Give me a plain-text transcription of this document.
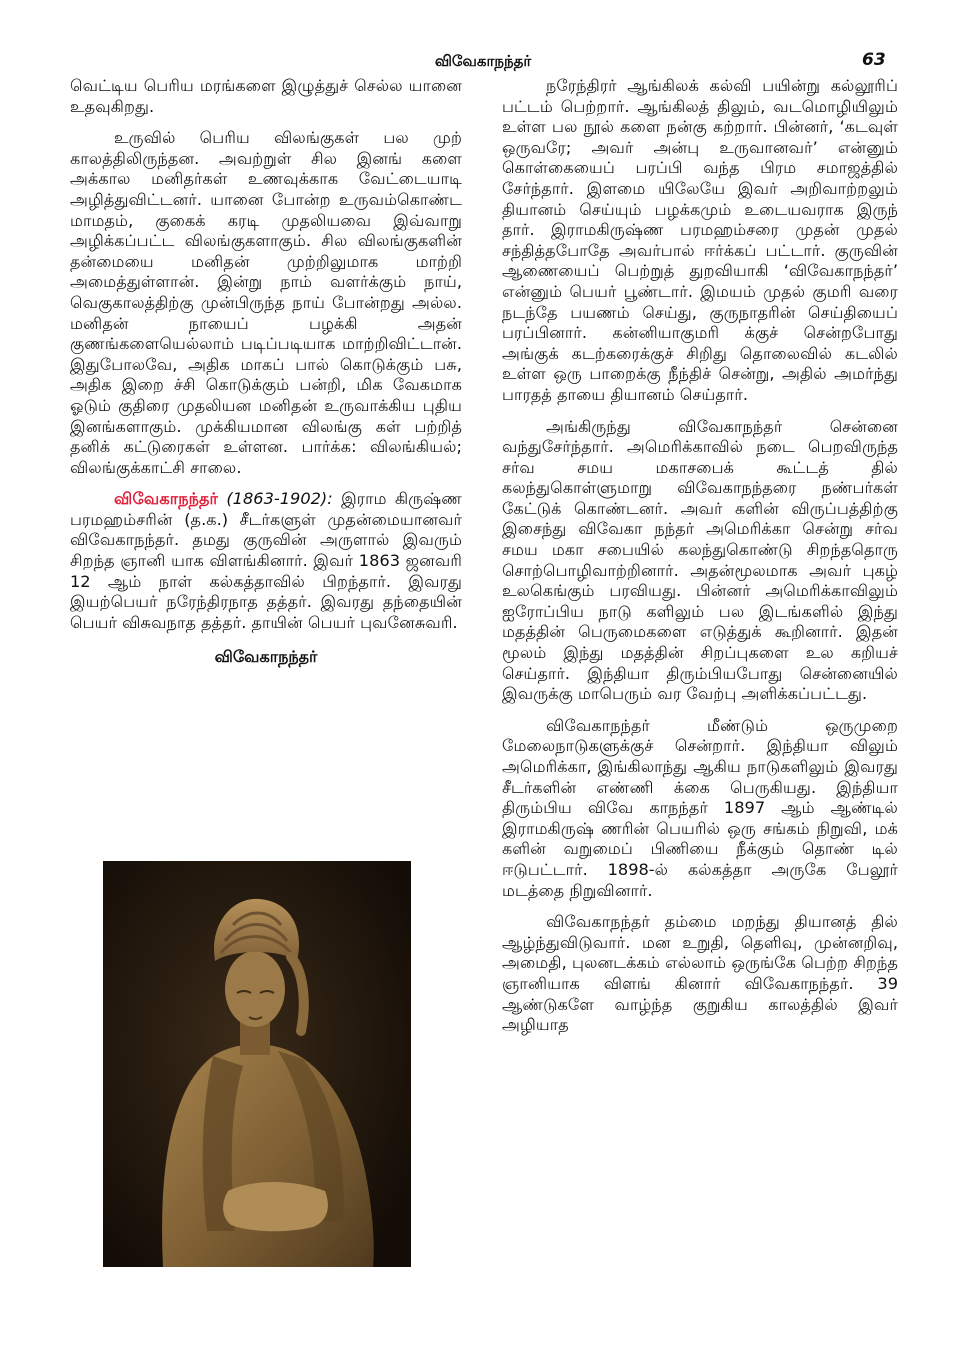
விவேகாநந்தர்	63

வெட்டிய பெரிய மரங்களை இழுத்துச் செல்ல யானை உதவுகிறது.

உருவில் பெரிய விலங்குகள் பல முற் காலத்திலிருந்தன. அவற்றுள் சில இனங் களை அக்கால மனிதர்கள் உணவுக்காக வேட்டையாடி அழித்துவிட்டனர். யானை போன்ற உருவம்கொண்ட மாமதம், குகைக் கரடி முதலியவை இவ்வாறு அழிக்கப்பட்ட விலங்குகளாகும். சில விலங்குகளின் தன்மையை மனிதன் முற்றிலுமாக மாற்றி அமைத்துள்ளான். இன்று நாம் வளர்க்கும் நாய், வெகுகாலத்திற்கு முன்பிருந்த நாய் போன்றது அல்ல. மனிதன் நாயைப் பழக்கி அதன் குணங்களையெல்லாம் படிப்படியாக மாற்றிவிட்டான். இதுபோலவே, அதிக மாகப் பால் கொடுக்கும் பசு, அதிக இறை ச்சி கொடுக்கும் பன்றி, மிக வேகமாக ஓடும் குதிரை முதலியன மனிதன் உருவாக்கிய புதிய இனங்களாகும். முக்கியமான விலங்கு கள் பற்றித் தனிக் கட்டுரைகள் உள்ளன. பார்க்க: விலங்கியல்; விலங்குக்காட்சி சாலை.

விவேகாநந்தர் (1863-1902): இராம கிருஷ்ண பரமஹம்சரின் (த.க.) சீடர்களுள் முதன்மையானவர் விவேகாநந்தர். தமது குருவின் அருளால் இவரும் சிறந்த ஞானி யாக விளங்கினார். இவர் 1863 ஜனவரி 12 ஆம் நாள் கல்கத்தாவில் பிறந்தார். இவரது இயற்பெயர் நரேந்திரநாத தத்தர். இவரது தந்தையின் பெயர் விசுவநாத தத்தர். தாயின் பெயர் புவனேசுவரி.

விவேகாநந்தர்

நரேந்திரர் ஆங்கிலக் கல்வி பயின்று கல்லூரிப் பட்டம் பெற்றார். ஆங்கிலத் திலும், வடமொழியிலும் உள்ள பல நூல் களை நன்கு கற்றார். பின்னர், ‘கடவுள் ஒருவரே; அவர் அன்பு உருவானவர்’ என்னும் கொள்கையைப் பரப்பி வந்த பிரம சமாஜத்தில் சேர்ந்தார். இளமை யிலேயே இவர் அறிவாற்றலும் தியானம் செய்யும் பழக்கமும் உடையவராக இருந் தார். இராமகிருஷ்ண பரமஹம்சரை முதன் முதல் சந்தித்தபோதே அவர்பால் ஈர்க்கப் பட்டார். குருவின் ஆணையைப் பெற்றுத் துறவியாகி ‘விவேகாநந்தர்’ என்னும் பெயர் பூண்டார். இமயம் முதல் குமரி வரை நடந்தே பயணம் செய்து, குருநாதரின் செய்தியைப் பரப்பினார். கன்னியாகுமரி க்குச் சென்றபோது அங்குக் கடற்கரைக்குச் சிறிது தொலைவில் கடலில் உள்ள ஒரு பாறைக்கு நீந்திச் சென்று, அதில் அமர்ந்து பாரதத் தாயை தியானம் செய்தார்.

அங்கிருந்து விவேகாநந்தர் சென்னை வந்துசேர்ந்தார். அமெரிக்காவில் நடை பெறவிருந்த சர்வ சமய மகாசபைக் கூட்டத் தில் கலந்துகொள்ளுமாறு விவேகாநந்தரை நண்பர்கள் கேட்டுக் கொண்டனர். அவர் களின் விருப்பத்திற்கு இசைந்து விவேகா நந்தர் அமெரிக்கா சென்று சர்வ சமய மகா சபையில் கலந்துகொண்டு சிறந்ததொரு சொற்பொழிவாற்றினார். அதன்மூலமாக அவர் புகழ் உலகெங்கும் பரவியது. பின்னர் அமெரிக்காவிலும் ஐரோப்பிய நாடு களிலும் பல இடங்களில் இந்து மதத்தின் பெருமைகளை எடுத்துக் கூறினார். இதன் மூலம் இந்து மதத்தின் சிறப்புகளை உல கறியச் செய்தார். இந்தியா திரும்பியபோது சென்னையில் இவருக்கு மாபெரும் வர வேற்பு அளிக்கப்பட்டது.

விவேகாநந்தர் மீண்டும் ஒருமுறை மேலைநாடுகளுக்குச் சென்றார். இந்தியா விலும் அமெரிக்கா, இங்கிலாந்து ஆகிய நாடுகளிலும் இவரது சீடர்களின் எண்ணி க்கை பெருகியது. இந்தியா திரும்பிய விவே காநந்தர் 1897 ஆம் ஆண்டில் இராமகிருஷ் ணரின் பெயரில் ஒரு சங்கம் நிறுவி, மக் களின் வறுமைப் பிணியை நீக்கும் தொண் டில் ஈடுபட்டார். 1898-ல் கல்கத்தா அருகே பேலூர் மடத்தை நிறுவினார்.

விவேகாநந்தர் தம்மை மறந்து தியானத் தில் ஆழ்ந்துவிடுவார். மன உறுதி, தெளிவு, முன்னறிவு, அமைதி, புலனடக்கம் எல்லாம் ஒருங்கே பெற்ற சிறந்த ஞானியாக விளங் கினார் விவேகாநந்தர். 39 ஆண்டுகளே வாழ்ந்த குறுகிய காலத்தில் இவர் அழியாத
